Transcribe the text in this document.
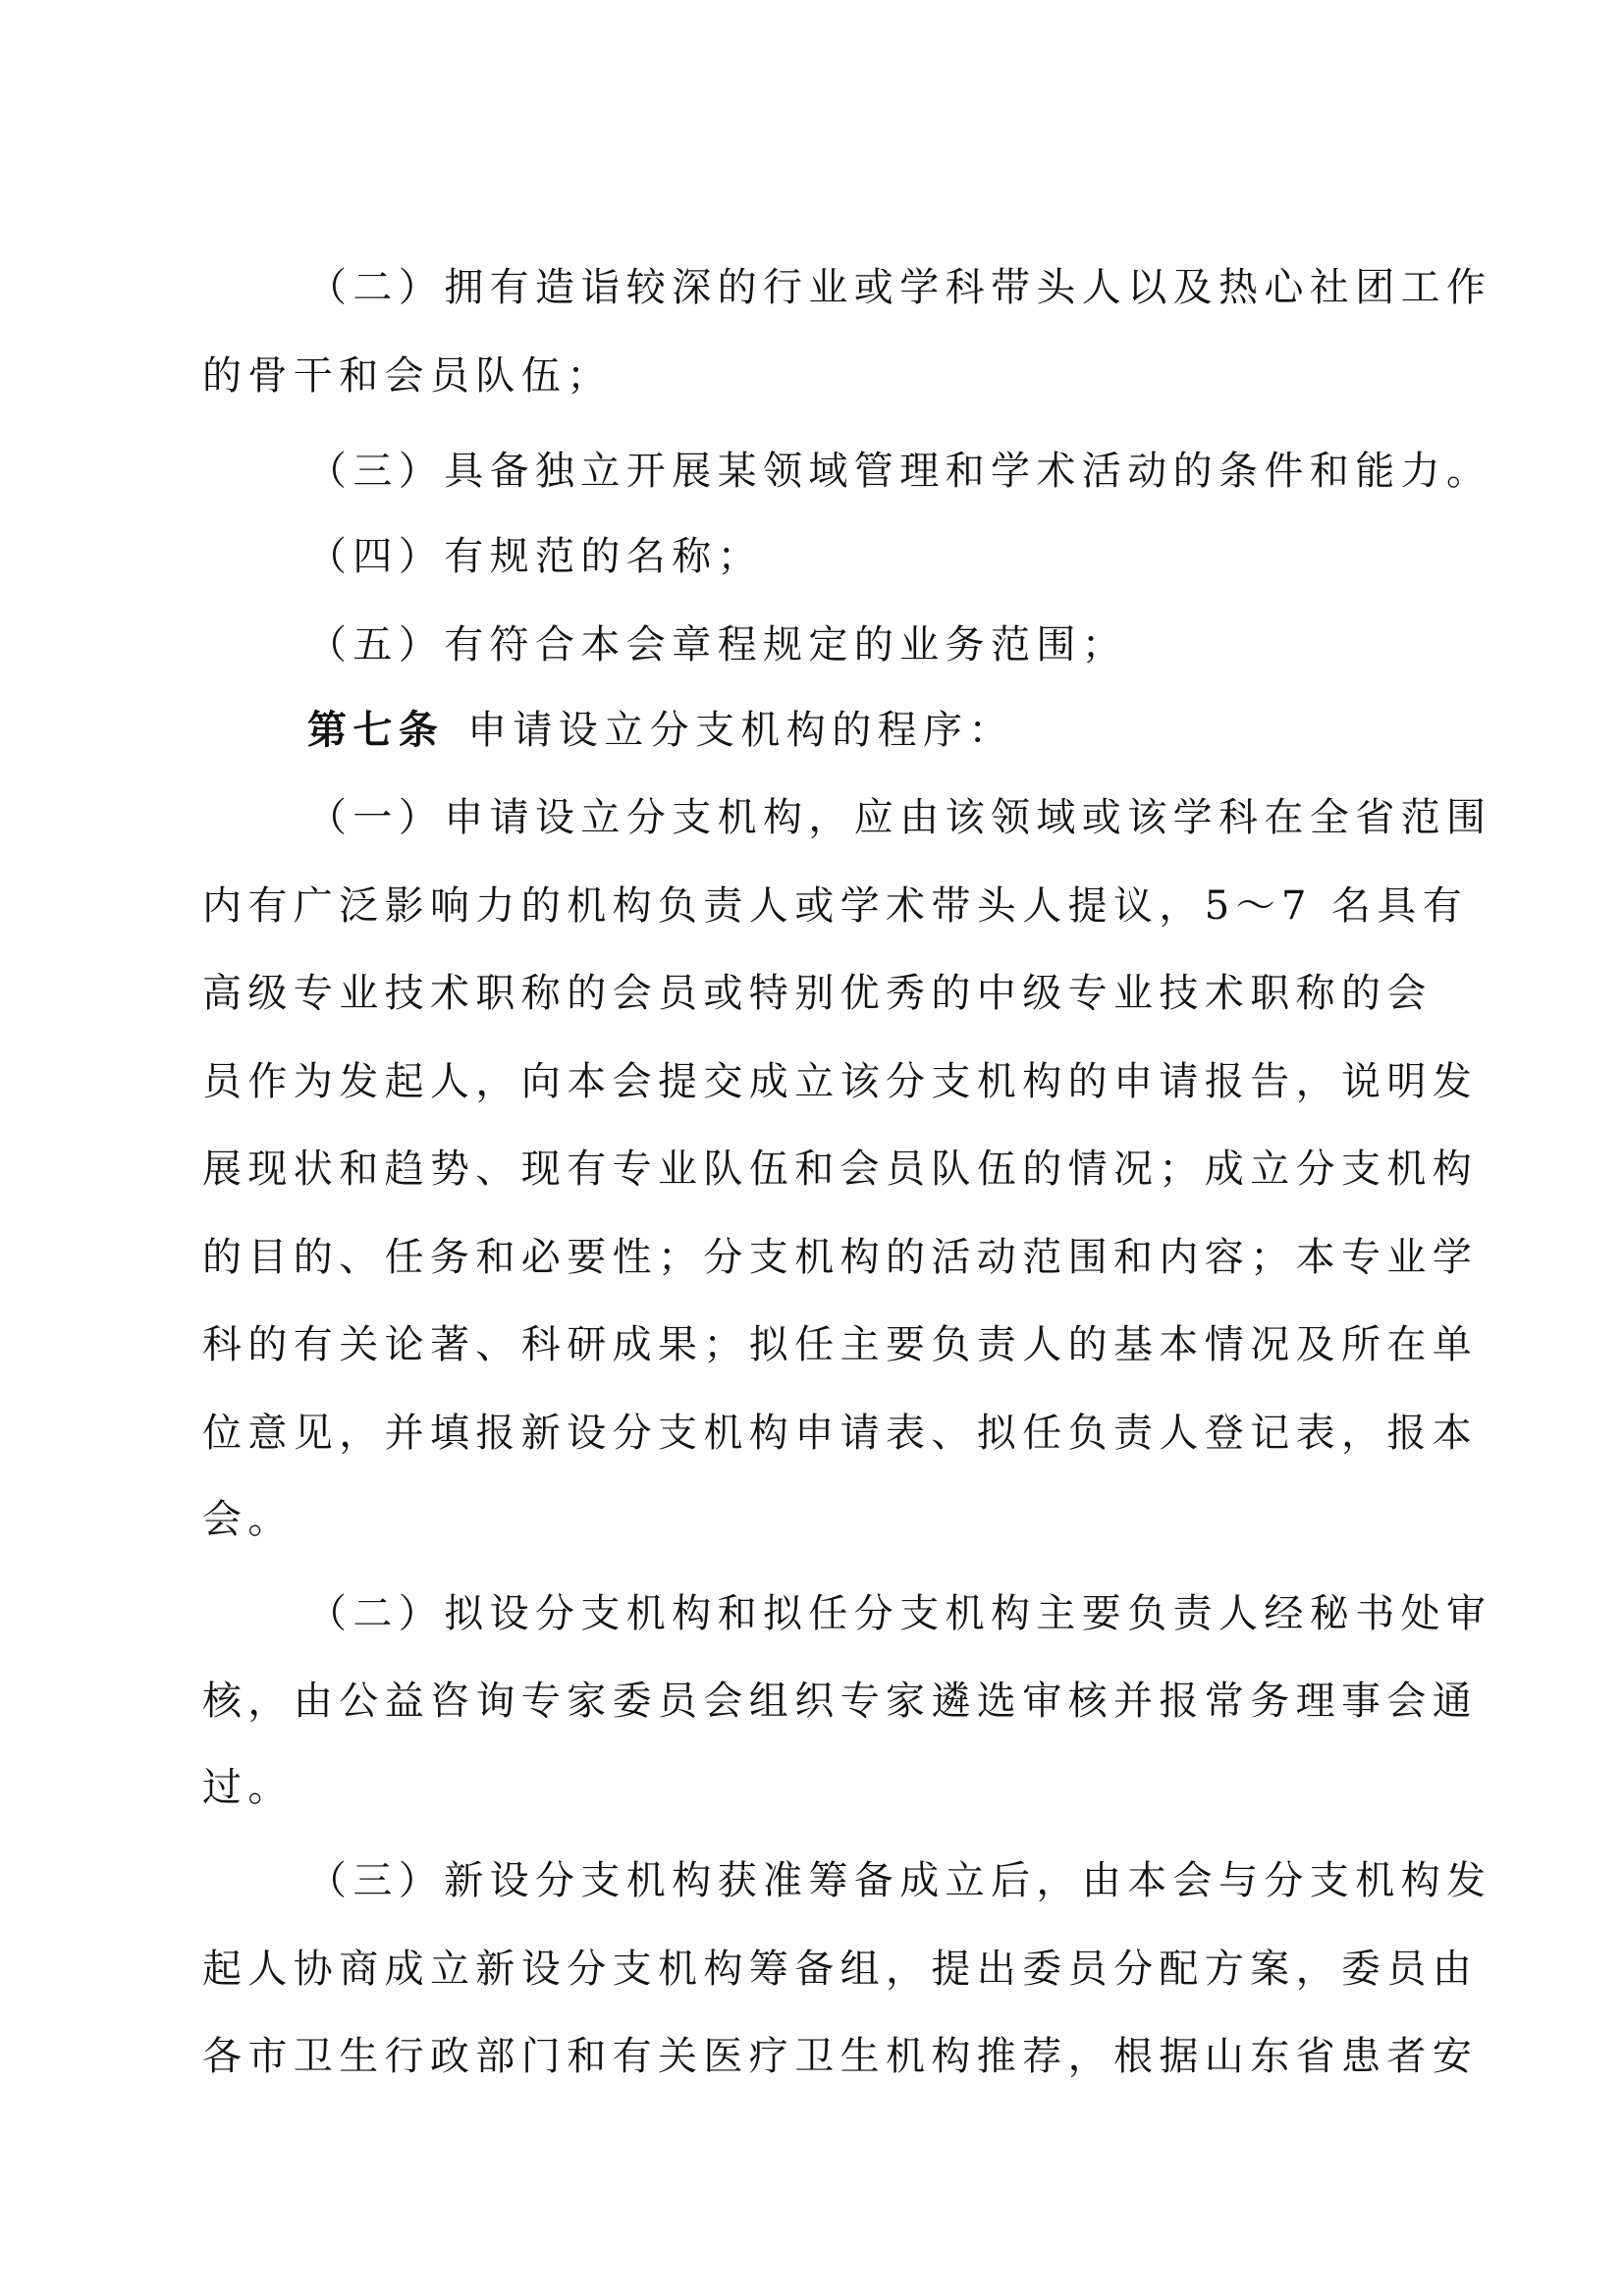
（二）拥有造诣较深的行业或学科带头人以及热心社团工作
的骨干和会员队伍；
（三）具备独立开展某领域管理和学术活动的条件和能力。
（四）有规范的名称；
（五）有符合本会章程规定的业务范围；
第七条 申请设立分支机构的程序：
（一）申请设立分支机构，应由该领域或该学科在全省范围
内有广泛影响力的机构负责人或学术带头人提议，5～7 名具有
高级专业技术职称的会员或特别优秀的中级专业技术职称的会
员作为发起人，向本会提交成立该分支机构的申请报告，说明发
展现状和趋势、现有专业队伍和会员队伍的情况；成立分支机构
的目的、任务和必要性；分支机构的活动范围和内容；本专业学
科的有关论著、科研成果；拟任主要负责人的基本情况及所在单
位意见，并填报新设分支机构申请表、拟任负责人登记表，报本
会。
（二）拟设分支机构和拟任分支机构主要负责人经秘书处审
核，由公益咨询专家委员会组织专家遴选审核并报常务理事会通
过。
（三）新设分支机构获准筹备成立后，由本会与分支机构发
起人协商成立新设分支机构筹备组，提出委员分配方案，委员由
各市卫生行政部门和有关医疗卫生机构推荐，根据山东省患者安
